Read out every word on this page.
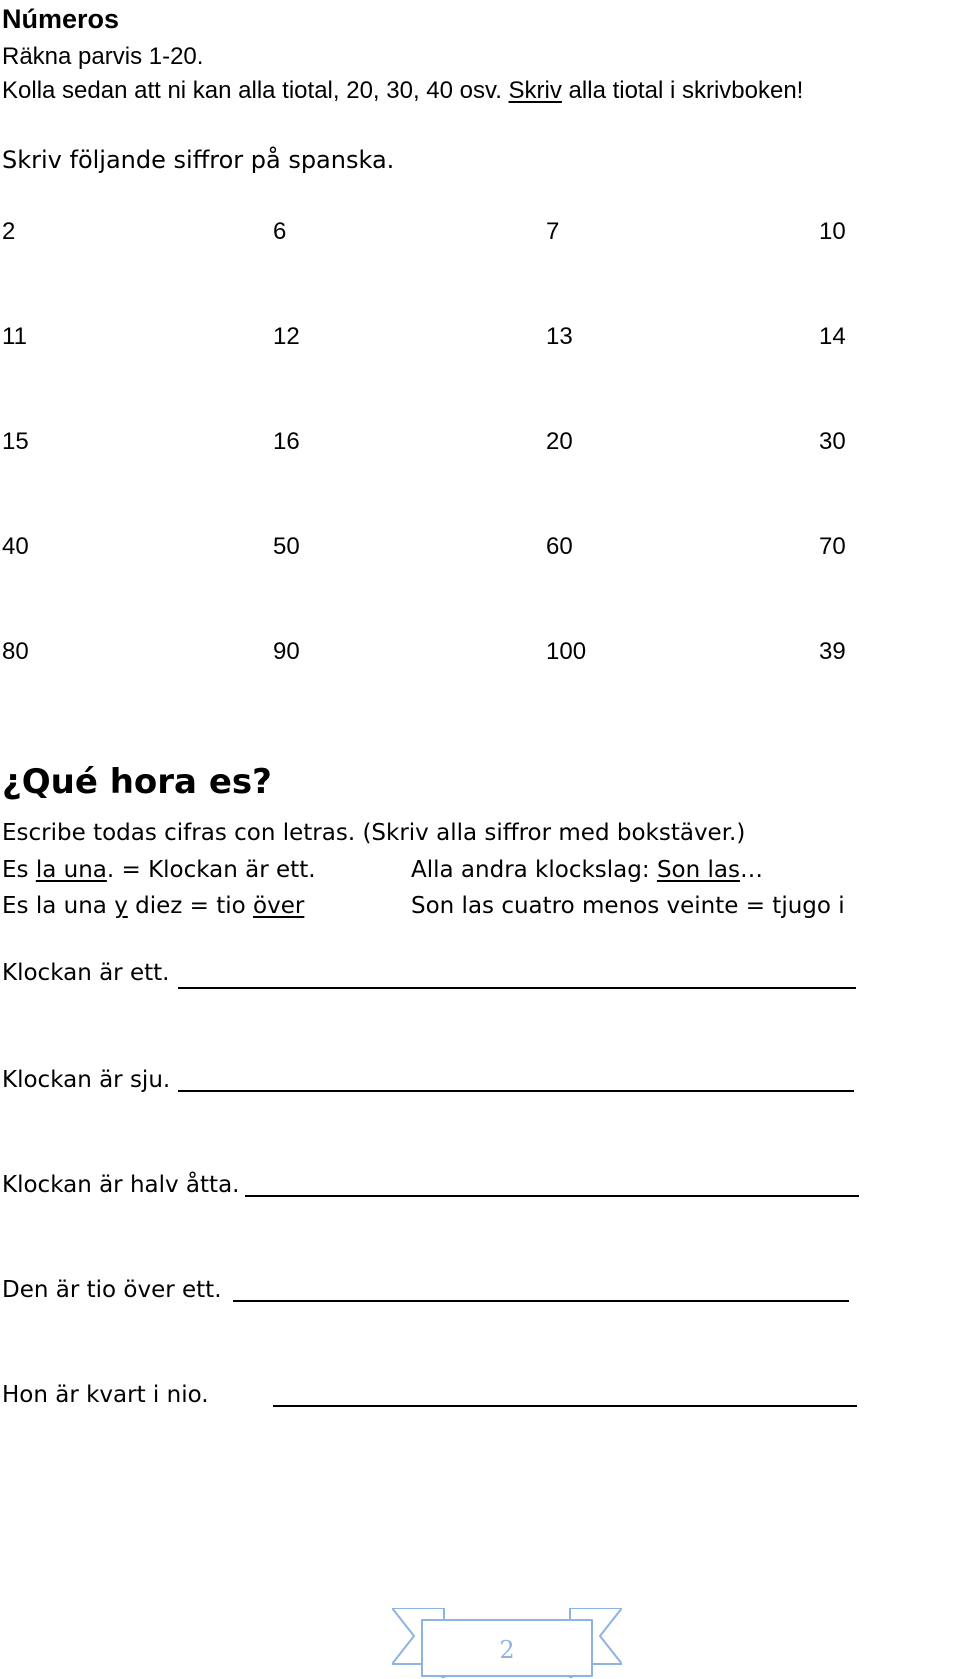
Números
Räkna parvis 1-20.
Kolla sedan att ni kan alla tiotal, 20, 30, 40 osv. Skriv alla tiotal i skrivboken!
Skriv följande siffror på spanska.
2	6	7	10
11	12	13	14
15	16	20	30
40	50	60	70
80	90	100	39
¿Qué hora es?
Escribe todas cifras con letras. (Skriv alla siffror med bokstäver.)
Es la una. = Klockan är ett.	Alla andra klockslag: Son las…
Es la una y diez = tio över	Son las cuatro menos veinte = tjugo i
Klockan är ett.
Klockan är sju.
Klockan är halv åtta.
Den är tio över ett.
Hon är kvart i nio.
2
